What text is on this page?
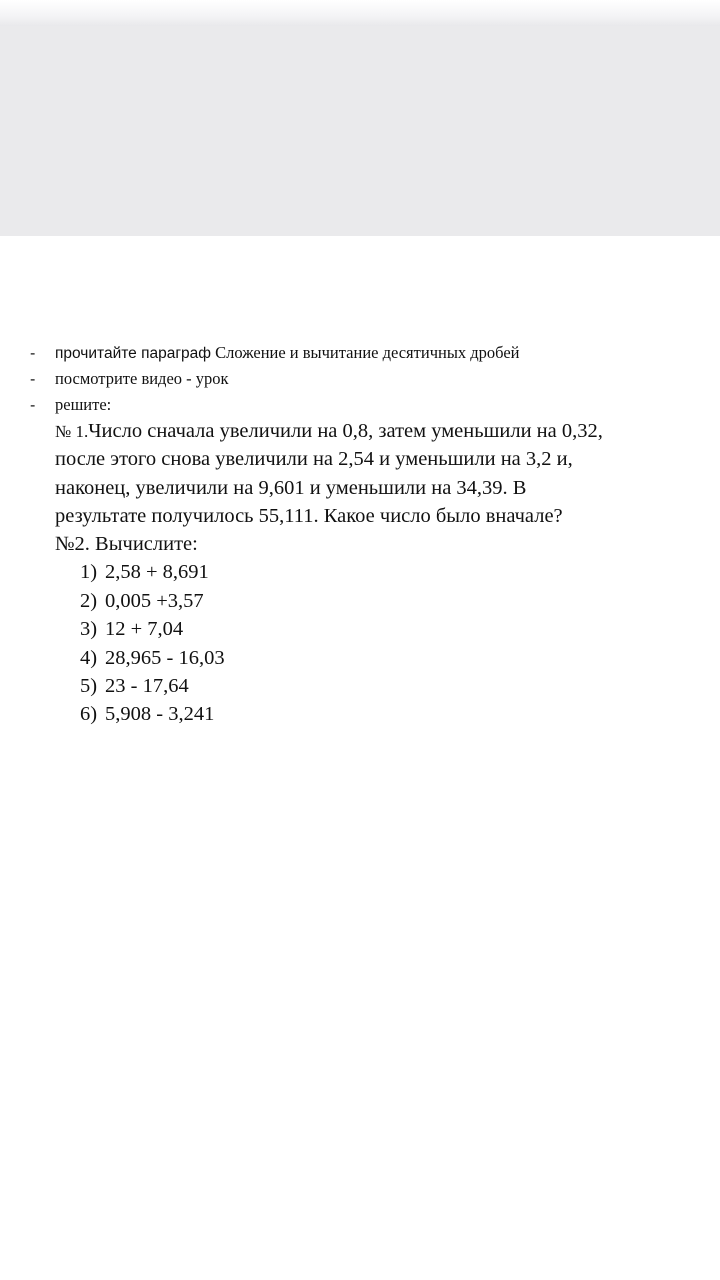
- прочитайте параграф Сложение и вычитание десятичных дробей
- посмотрите видео - урок
- решите:
№ 1.Число сначала увеличили на 0,8, затем уменьшили на 0,32,
после этого снова увеличили на 2,54 и уменьшили на 3,2 и,
наконец, увеличили на 9,601 и уменьшили на 34,39. В
результате получилось 55,111. Какое число было вначале?
№2. Вычислите:
1) 2,58 + 8,691
2) 0,005 +3,57
3) 12 + 7,04
4) 28,965 - 16,03
5) 23 - 17,64
6) 5,908 - 3,241
